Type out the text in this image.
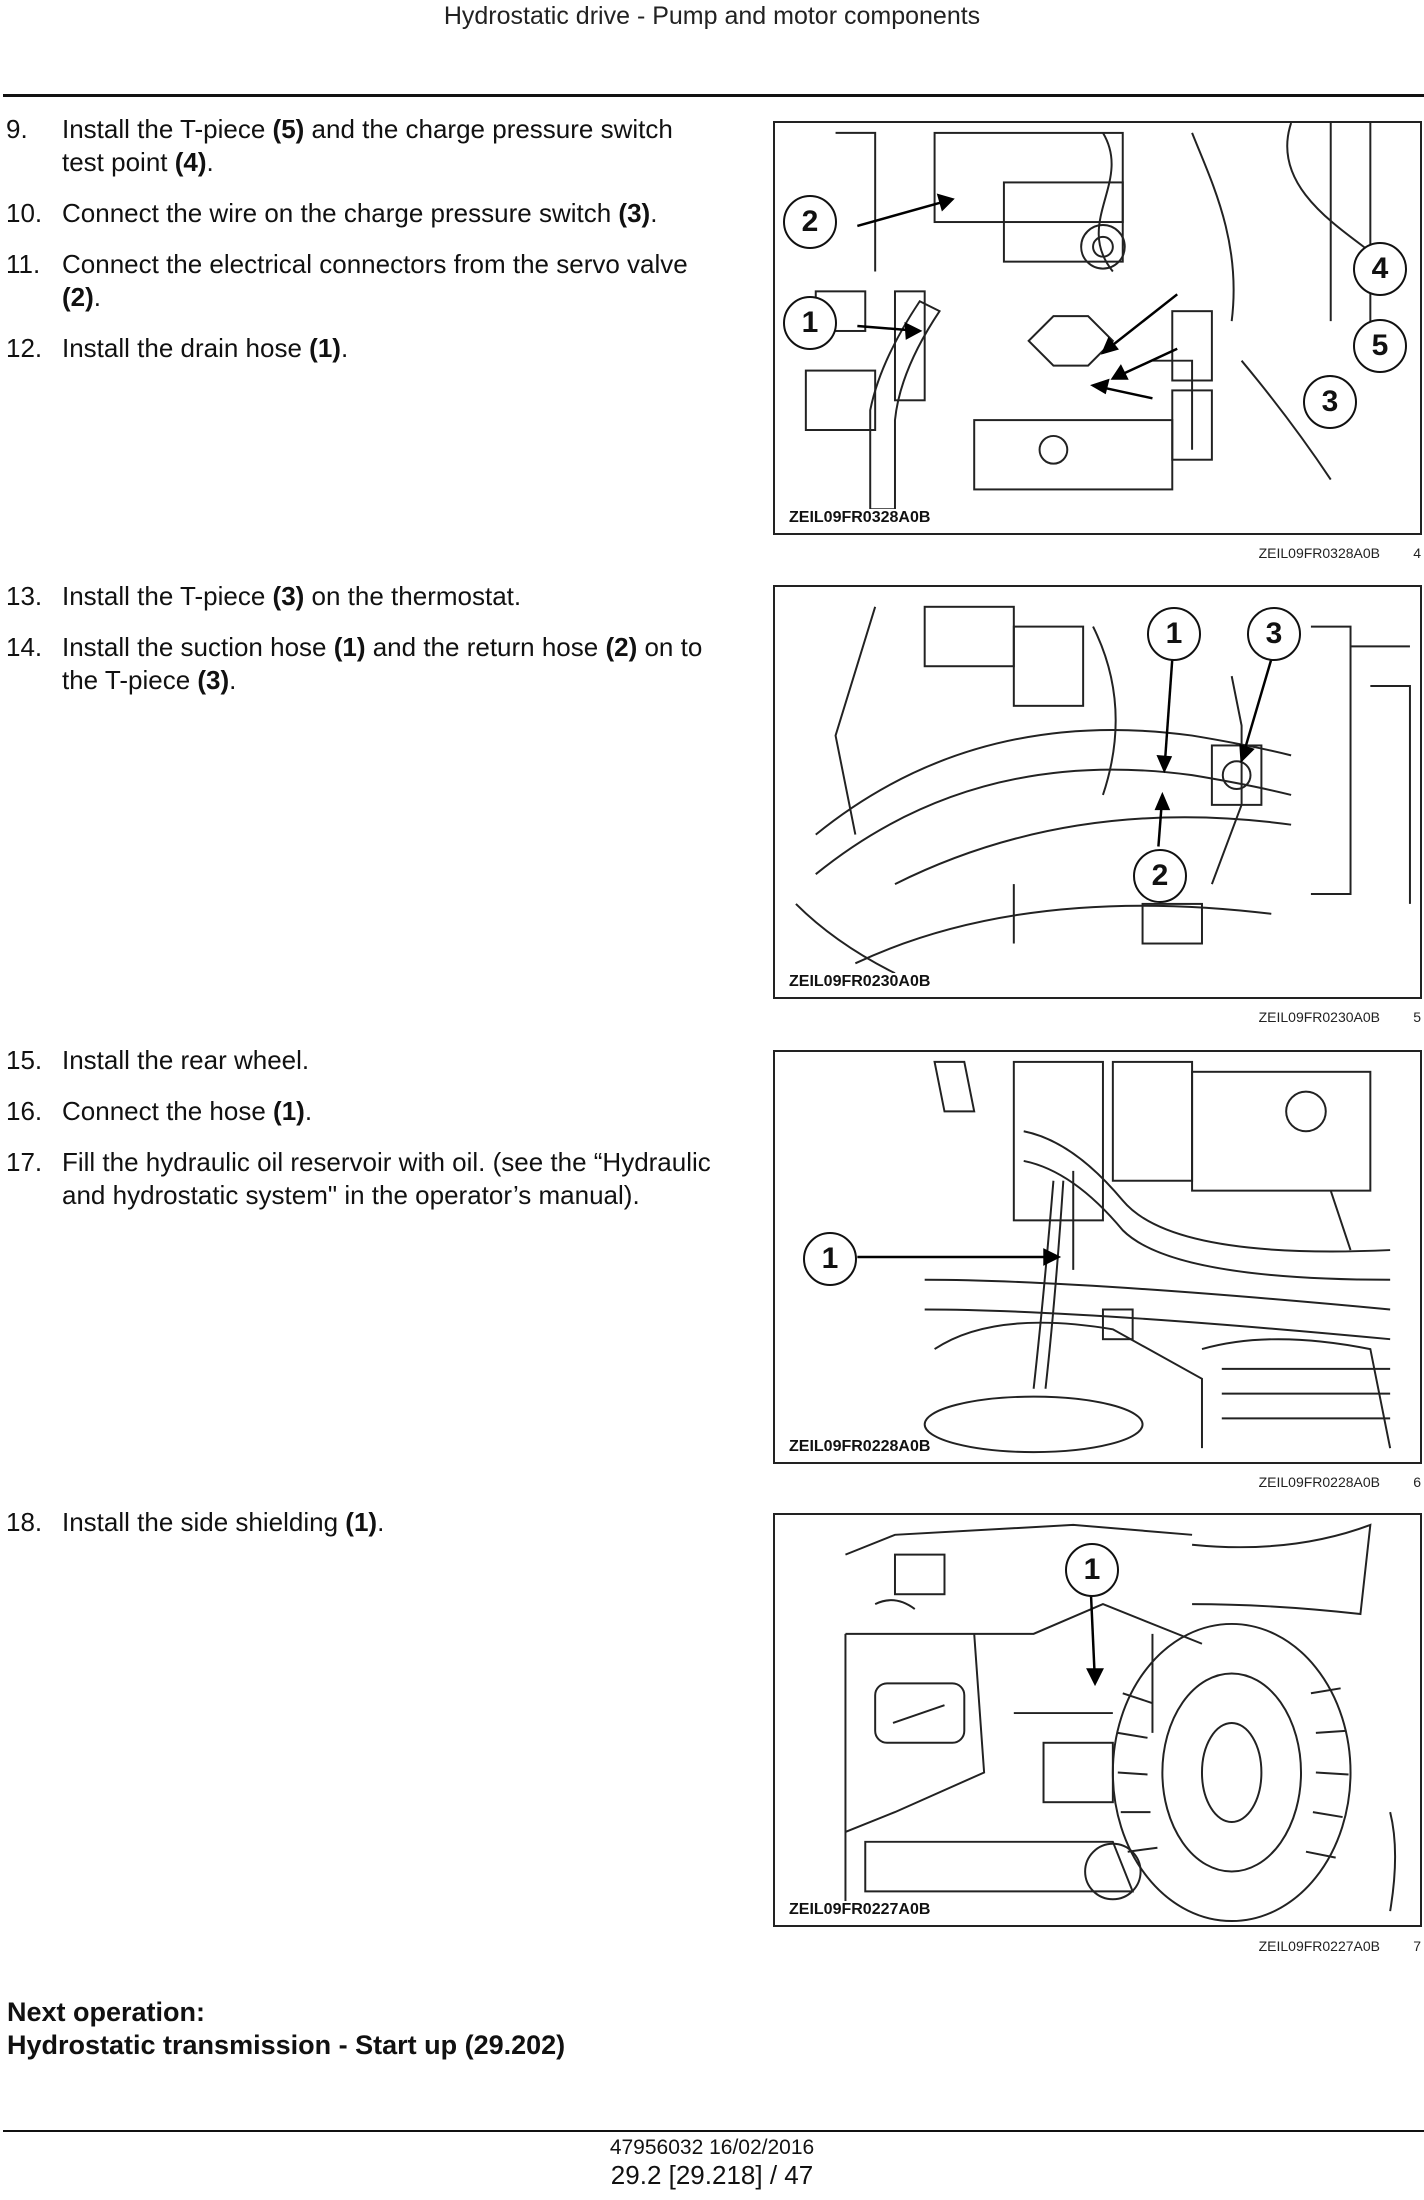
Hydrostatic drive - Pump and motor components
9. Install the T-piece (5) and the charge pressure switch test point (4).
10. Connect the wire on the charge pressure switch (3).
11. Connect the electrical connectors from the servo valve (2).
12. Install the drain hose (1).
ZEIL09FR0328A0B
2
1
4
5
3
ZEIL09FR0328A0B 4
13. Install the T-piece (3) on the thermostat.
14. Install the suction hose (1) and the return hose (2) on to the T-piece (3).
ZEIL09FR0230A0B
1	3
2
ZEIL09FR0230A0B 5
15. Install the rear wheel.
16. Connect the hose (1).
17. Fill the hydraulic oil reservoir with oil. (see the “Hydraulic and hydrostatic system" in the operator’s manual).
ZEIL09FR0228A0B
1
ZEIL09FR0228A0B 6
18. Install the side shielding (1).
ZEIL09FR0227A0B
1
ZEIL09FR0227A0B 7
Next operation:
Hydrostatic transmission - Start up (29.202)
47956032 16/02/2016
29.2 [29.218] / 47
